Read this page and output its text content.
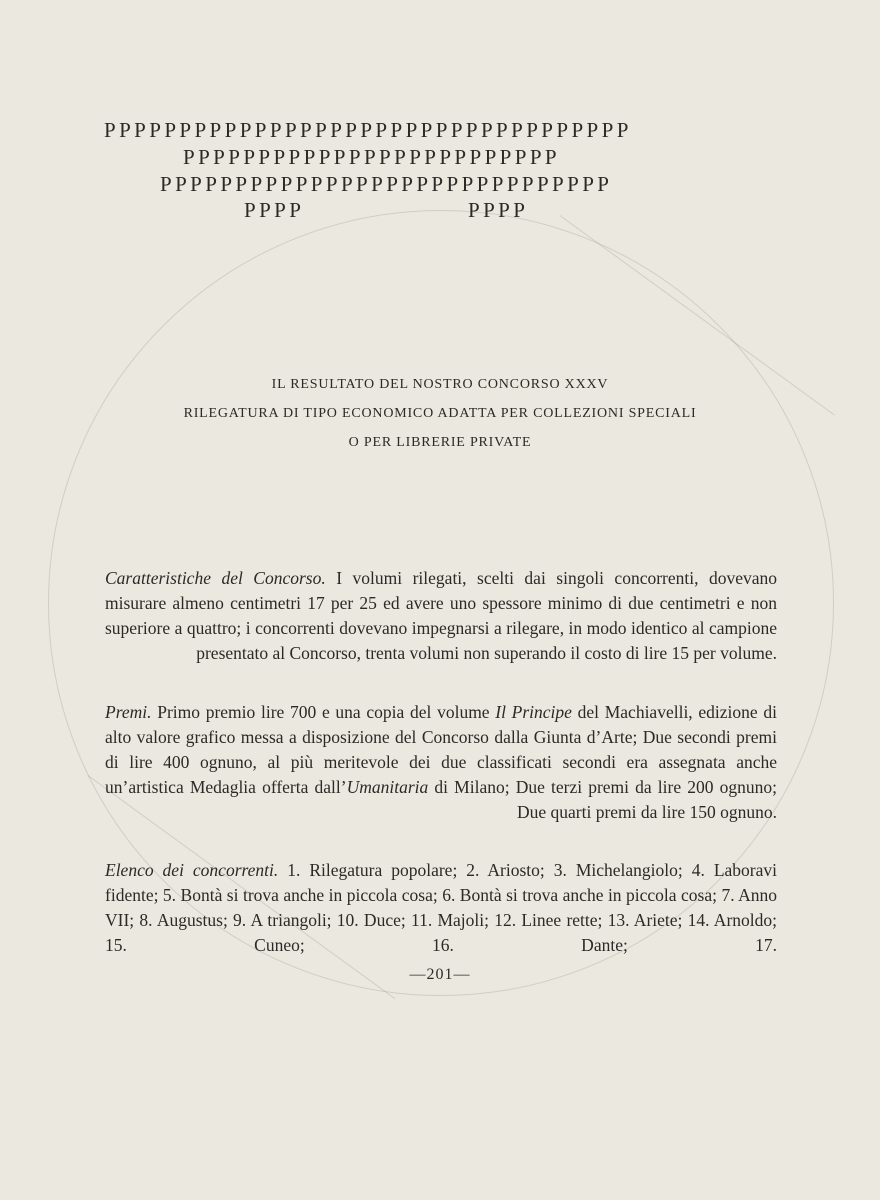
PPPPPPPPPPPPPPPPPPPPPPPPPPPPPPPPPPP
PPPPPPPPPPPPPPPPPPPPPPPPP
PPPPPPPPPPPPPPPPPPPPPPPPPPPPPP
PPPP	PPPP
IL RESULTATO DEL NOSTRO CONCORSO XXXV
RILEGATURA DI TIPO ECONOMICO ADATTA PER COLLEZIONI SPECIALI
O PER LIBRERIE PRIVATE

Caratteristiche del Concorso. I volumi rilegati, scelti dai singoli concorrenti, dovevano misurare almeno centimetri 17 per 25 ed avere uno spessore minimo di due centimetri e non superiore a quattro; i concorrenti dovevano impegnarsi a rilegare, in modo identico al campione presentato al Concorso, trenta volumi non superando il costo di lire 15 per volume.

Premi. Primo premio lire 700 e una copia del volume Il Principe del Machiavelli, edizione di alto valore grafico messa a disposizione del Concorso dalla Giunta d’Arte; Due secondi premi di lire 400 ognuno, al più meritevole dei due classificati secondi era assegnata anche un’artistica Medaglia offerta dall’Umanitaria di Milano; Due terzi premi da lire 200 ognuno; Due quarti premi da lire 150 ognuno.

Elenco dei concorrenti. 1. Rilegatura popolare; 2. Ariosto; 3. Michelangiolo; 4. Laboravi fidente; 5. Bontà si trova anche in piccola cosa; 6. Bontà si trova anche in piccola cosa; 7. Anno VII; 8. Augustus; 9. A triangoli; 10. Duce; 11. Majoli; 12. Linee rette; 13. Ariete; 14. Arnoldo; 15. Cuneo; 16. Dante; 17.

—201—
